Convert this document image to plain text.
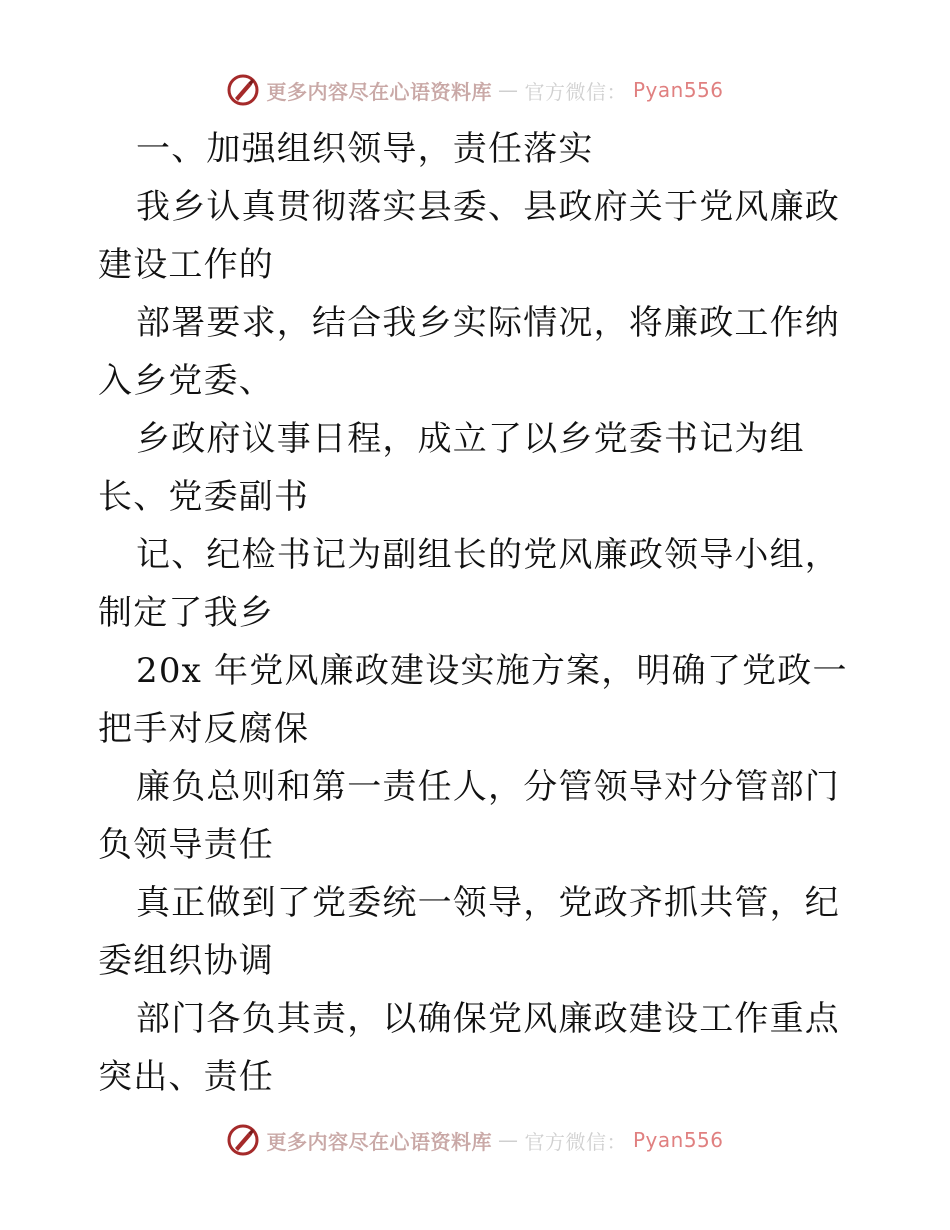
更多内容尽在心语资料库 — 官方微信： Pyan556

一、加强组织领导，责任落实

我乡认真贯彻落实县委、县政府关于党风廉政建设工作的

部署要求，结合我乡实际情况，将廉政工作纳入乡党委、

乡政府议事日程，成立了以乡党委书记为组长、党委副书

记、纪检书记为副组长的党风廉政领导小组，制定了我乡

20x 年党风廉政建设实施方案，明确了党政一把手对反腐保

廉负总则和第一责任人，分管领导对分管部门负领导责任

真正做到了党委统一领导，党政齐抓共管，纪委组织协调

部门各负其责，以确保党风廉政建设工作重点突出、责任

更多内容尽在心语资料库 — 官方微信： Pyan556
